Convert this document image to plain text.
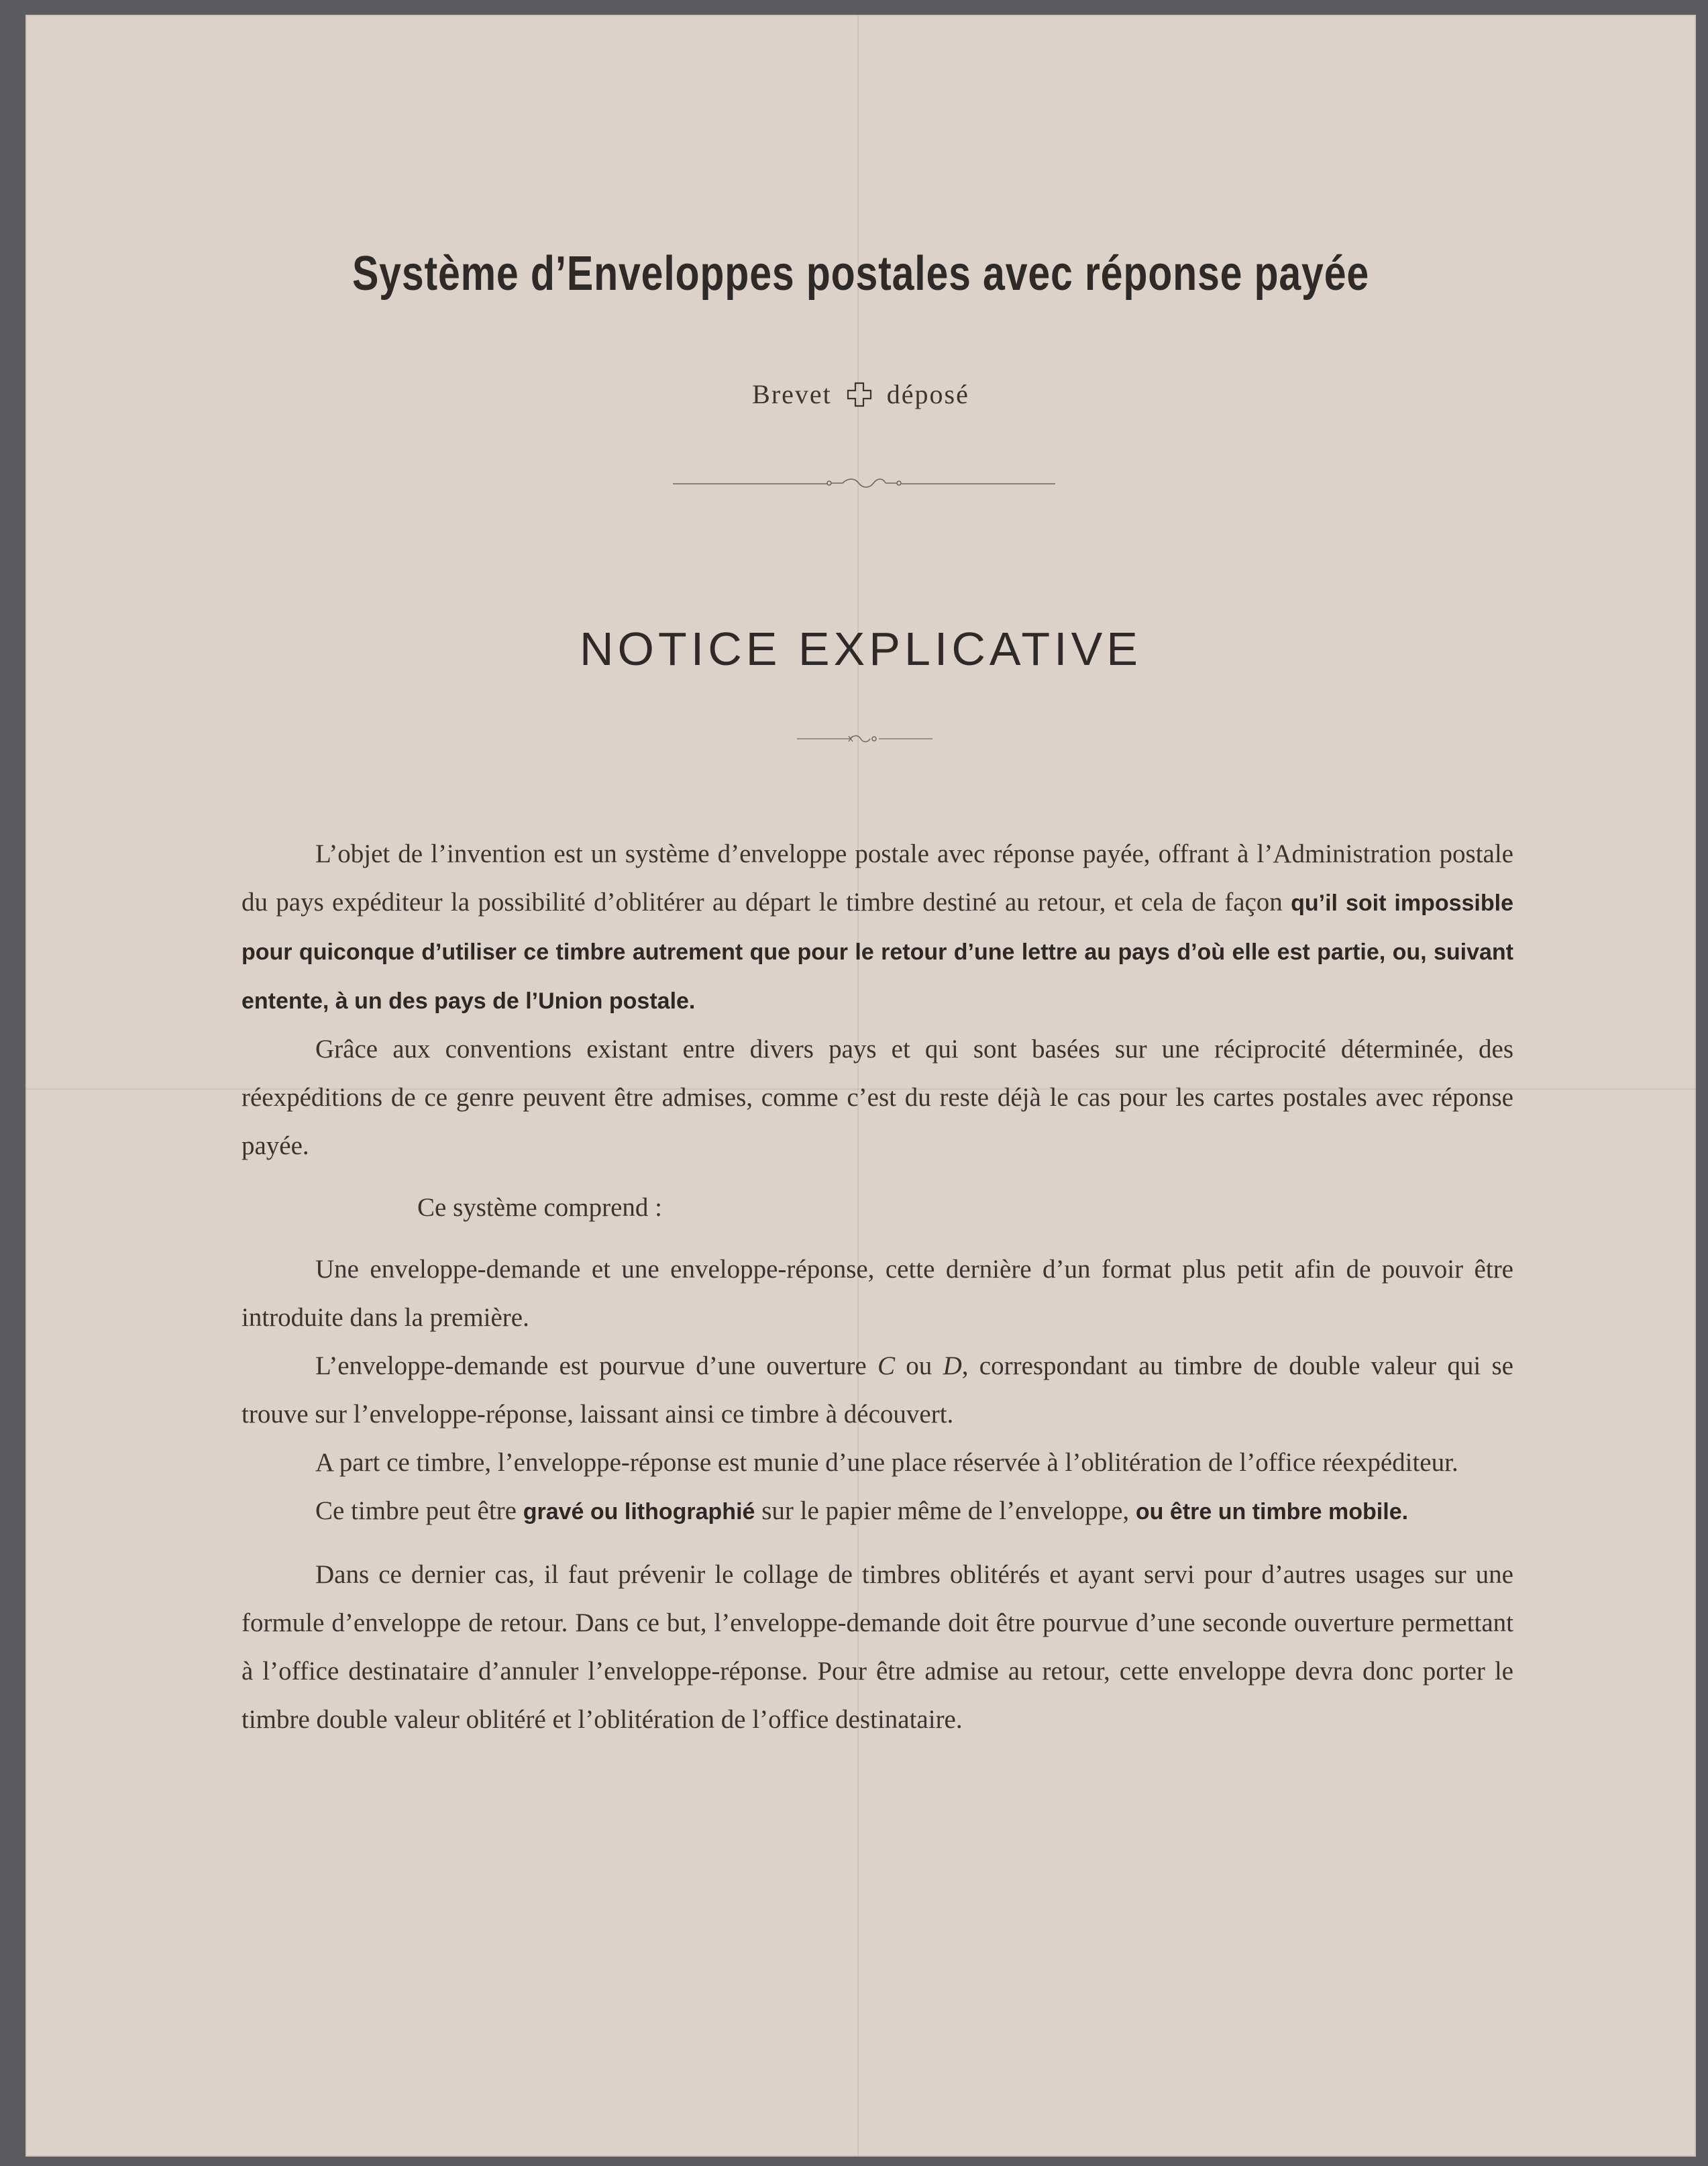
Système d’Enveloppes postales avec réponse payée
Brevet déposé
NOTICE EXPLICATIVE

L’objet de l’invention est un système d’enveloppe postale avec réponse payée, offrant à l’Administration postale du pays expéditeur la possibilité d’oblitérer au départ le timbre destiné au retour, et cela de façon qu’il soit impossible pour quiconque d’utiliser ce timbre autrement que pour le retour d’une lettre au pays d’où elle est partie, ou, suivant entente, à un des pays de l’Union postale.

Grâce aux conventions existant entre divers pays et qui sont basées sur une réciprocité déterminée, des réexpéditions de ce genre peuvent être admises, comme c’est du reste déjà le cas pour les cartes postales avec réponse payée.

Ce système comprend :

Une enveloppe-demande et une enveloppe-réponse, cette dernière d’un format plus petit afin de pouvoir être introduite dans la première.

L’enveloppe-demande est pourvue d’une ouverture C ou D, correspondant au timbre de double valeur qui se trouve sur l’enveloppe-réponse, laissant ainsi ce timbre à découvert.

A part ce timbre, l’enveloppe-réponse est munie d’une place réservée à l’oblitération de l’office réexpéditeur.

Ce timbre peut être gravé ou lithographié sur le papier même de l’enveloppe, ou être un timbre mobile.

Dans ce dernier cas, il faut prévenir le collage de timbres oblitérés et ayant servi pour d’autres usages sur une formule d’enveloppe de retour. Dans ce but, l’enveloppe-demande doit être pourvue d’une seconde ouverture permettant à l’office destinataire d’annuler l’enveloppe-réponse. Pour être admise au retour, cette enveloppe devra donc porter le timbre double valeur oblitéré et l’oblitération de l’office destinataire.
